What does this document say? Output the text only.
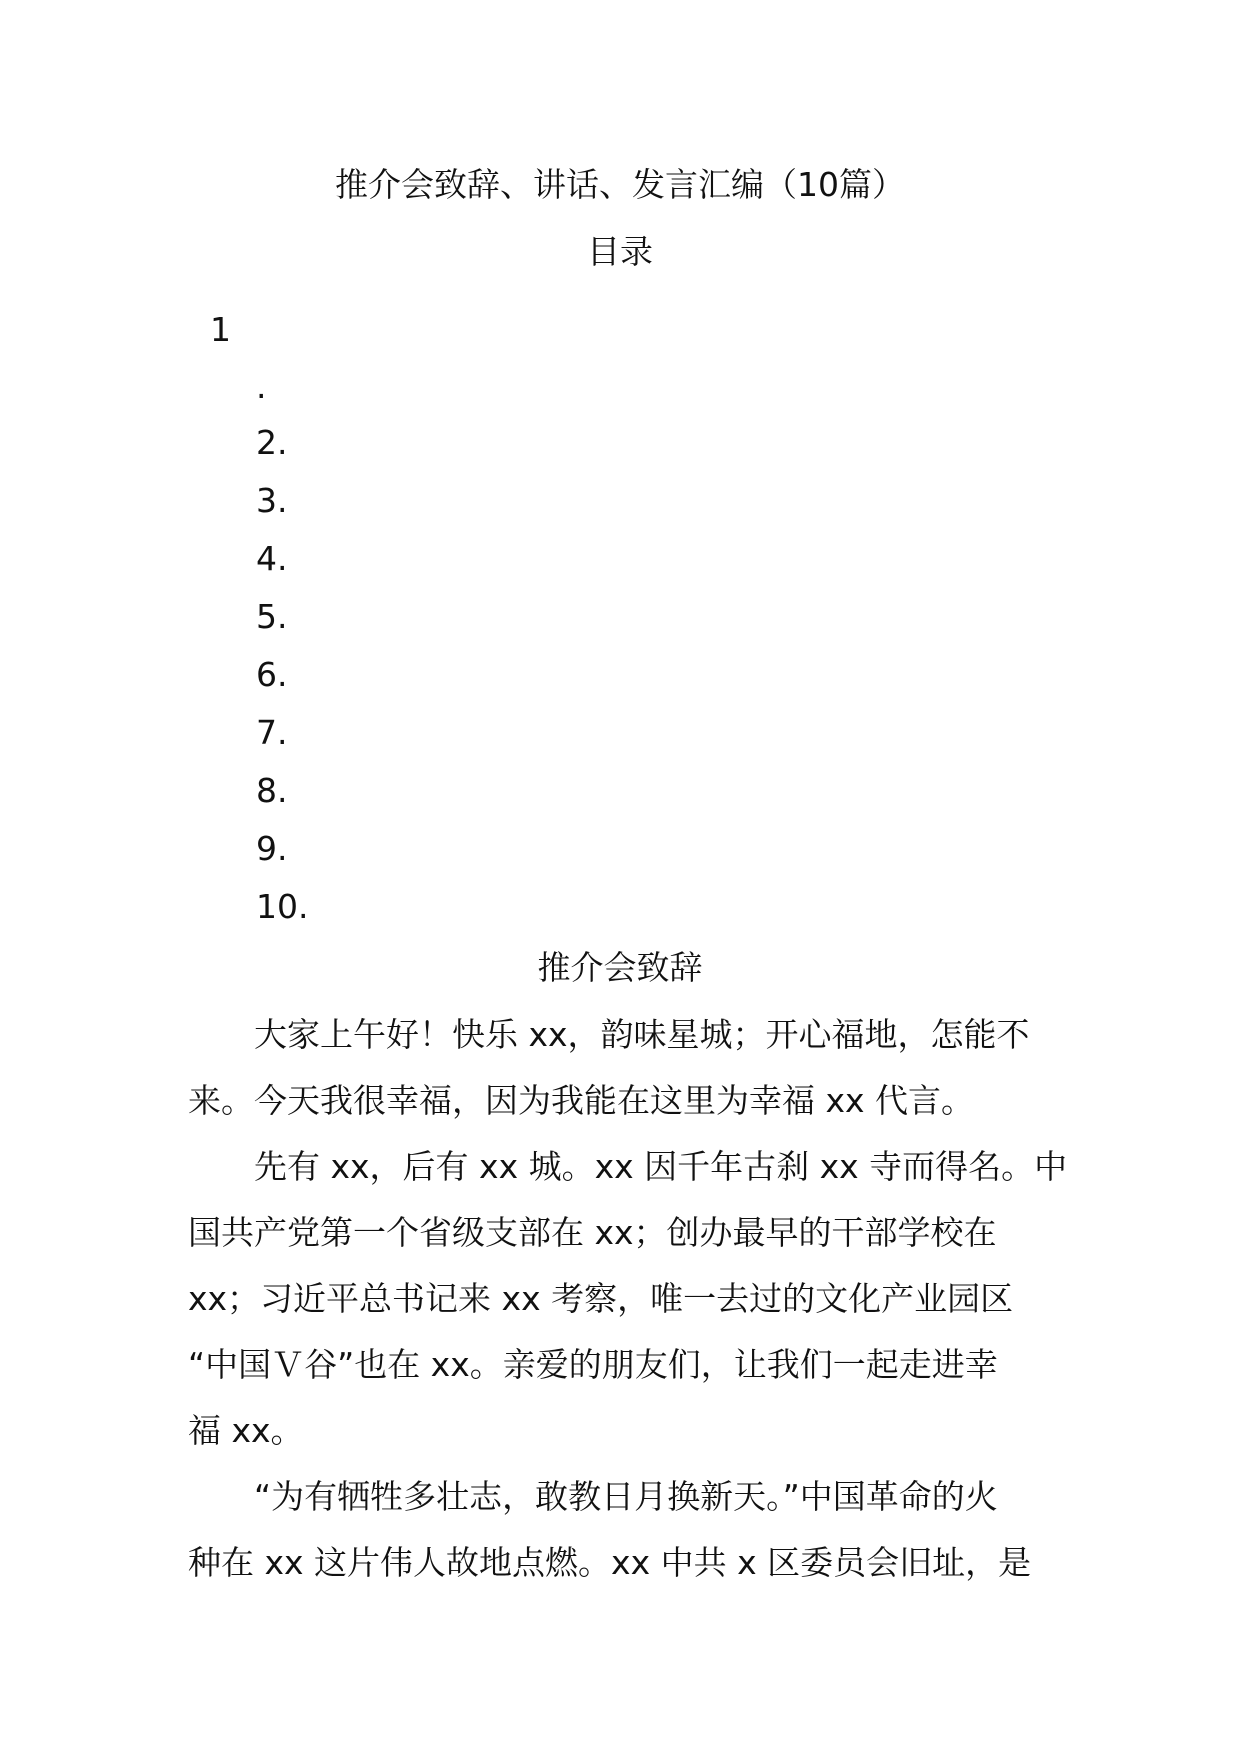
推介会致辞、讲话、发言汇编（10篇）
目录
1
.
2.
3.
4.
5.
6.
7.
8.
9.
10.
推介会致辞
　　大家上午好！快乐 xx，韵味星城；开心福地，怎能不
来。今天我很幸福，因为我能在这里为幸福 xx 代言。
　　先有 xx，后有 xx 城。xx 因千年古刹 xx 寺而得名。中
国共产党第一个省级支部在 xx；创办最早的干部学校在
xx；习近平总书记来 xx 考察，唯一去过的文化产业园区
“中国Ｖ谷”也在 xx。亲爱的朋友们，让我们一起走进幸
福 xx。
　　“为有牺牲多壮志，敢教日月换新天。”中国革命的火
种在 xx 这片伟人故地点燃。xx 中共 x 区委员会旧址，是
